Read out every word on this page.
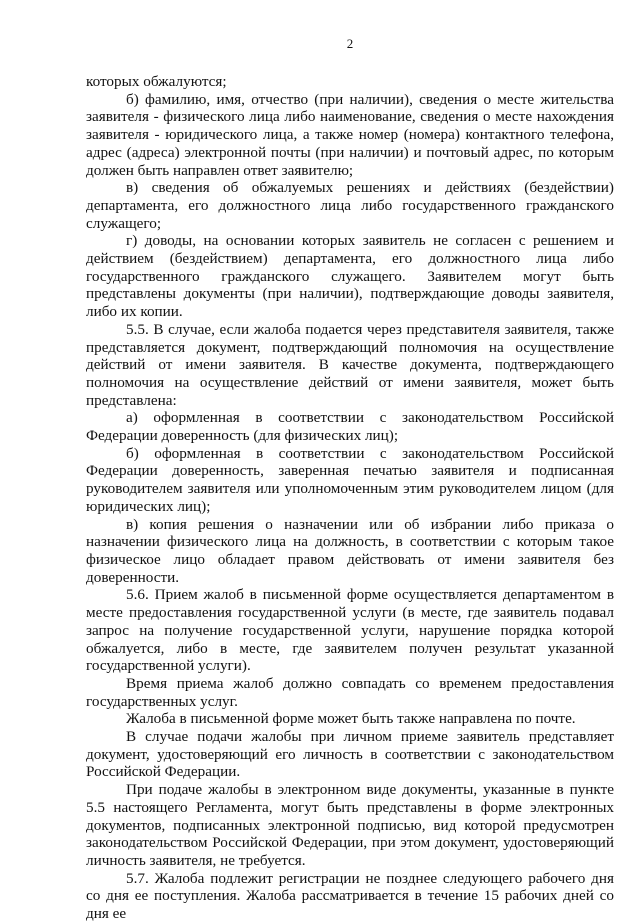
2

которых обжалуются;

б) фамилию, имя, отчество (при наличии), сведения о месте жительства заявителя - физического лица либо наименование, сведения о месте нахождения заявителя - юридического лица, а также номер (номера) контактного телефона, адрес (адреса) электронной почты (при наличии) и почтовый адрес, по которым должен быть направлен ответ заявителю;

в) сведения об обжалуемых решениях и действиях (бездействии) департамента, его должностного лица либо государственного гражданского служащего;

г) доводы, на основании которых заявитель не согласен с решением и действием (бездействием) департамента, его должностного лица либо государственного гражданского служащего. Заявителем могут быть представлены документы (при наличии), подтверждающие доводы заявителя, либо их копии.

5.5. В случае, если жалоба подается через представителя заявителя, также представляется документ, подтверждающий полномочия на осуществление действий от имени заявителя. В качестве документа, подтверждающего полномочия на осуществление действий от имени заявителя, может быть представлена:

а) оформленная в соответствии с законодательством Российской Федерации доверенность (для физических лиц);

б) оформленная в соответствии с законодательством Российской Федерации доверенность, заверенная печатью заявителя и подписанная руководителем заявителя или уполномоченным этим руководителем лицом (для юридических лиц);

в) копия решения о назначении или об избрании либо приказа о назначении физического лица на должность, в соответствии с которым такое физическое лицо обладает правом действовать от имени заявителя без доверенности.

5.6. Прием жалоб в письменной форме осуществляется департаментом в месте предоставления государственной услуги (в месте, где заявитель подавал запрос на получение государственной услуги, нарушение порядка которой обжалуется, либо в месте, где заявителем получен результат указанной государственной услуги).

Время приема жалоб должно совпадать со временем предоставления государственных услуг.

Жалоба в письменной форме может быть также направлена по почте.

В случае подачи жалобы при личном приеме заявитель представляет документ, удостоверяющий его личность в соответствии с законодательством Российской Федерации.

При подаче жалобы в электронном виде документы, указанные в пункте 5.5 настоящего Регламента, могут быть представлены в форме электронных документов, подписанных электронной подписью, вид которой предусмотрен законодательством Российской Федерации, при этом документ, удостоверяющий личность заявителя, не требуется.

5.7. Жалоба подлежит регистрации не позднее следующего рабочего дня со дня ее поступления. Жалоба рассматривается в течение 15 рабочих дней со дня ее
